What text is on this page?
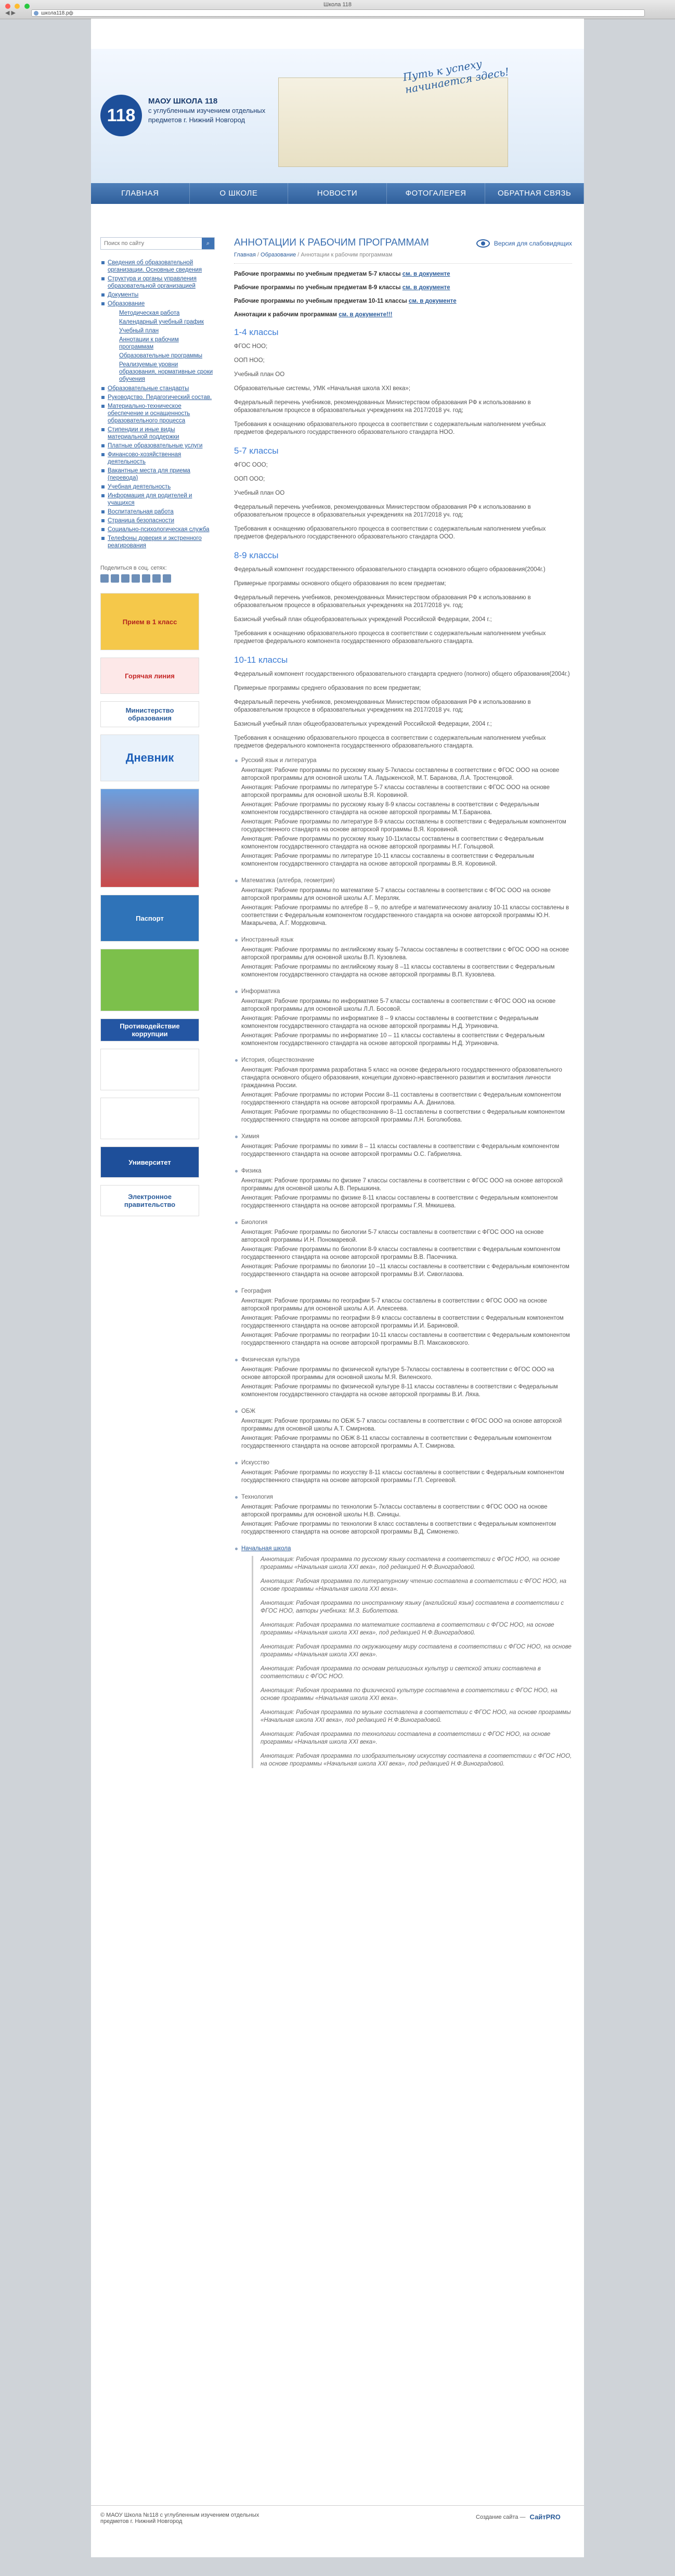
Школа 118
◀ ▶	школа118.рф
Путь к успеху начинается здесь!
118
МАОУ ШКОЛА 118
с углубленным изучением отдельных предметов г. Нижний Новгород
ГЛАВНАЯ	О ШКОЛЕ	НОВОСТИ	ФОТОГАЛЕРЕЯ	ОБРАТНАЯ СВЯЗЬ
Поиск по сайту
⌕
Сведения об образовательной организации. Основные сведения
Структура и органы управления образовательной организацией
Документы
Образование
Методическая работа
Календарный учебный график
Учебный план
Аннотации к рабочим программам
Образовательные программы
Реализуемые уровни образования, нормативные сроки обучения
Образовательные стандарты
Руководство. Педагогический состав.
Материально-техническое обеспечение и оснащенность образовательного процесса
Стипендии и иные виды материальной поддержки
Платные образовательные услуги
Финансово-хозяйственная деятельность
Вакантные места для приема (перевода)
Учебная деятельность
Информация для родителей и учащихся
Воспитательная работа
Страница безопасности
Социально-психологическая служба
Телефоны доверия и экстренного реагирования
Поделиться в соц. сетях:
Прием в 1 класс
Горячая линия
Министерство образования
Дневник
Паспорт
Противодействие коррупции
Университет
Электронное правительство
АННОТАЦИИ К РАБОЧИМ ПРОГРАММАМ	Версия для слабовидящих
Главная / Образование / Аннотации к рабочим программам
Рабочие программы по учебным предметам 5-7 классы см. в документе
Рабочие программы по учебным предметам 8-9 классы см. в документе
Рабочие программы по учебным предметам 10-11 классы см. в документе
Аннотации к рабочим программам см. в документе!!!
1-4 классы

ФГОС НОО;

ООП НОО;

Учебный план ОО

Образовательные системы, УМК «Начальная школа XXI века»;

Федеральный перечень учебников, рекомендованных Министерством образования РФ к использованию в образовательном процессе в образовательных учреждениях на 2017/2018 уч. год;

Требования к оснащению образовательного процесса в соответствии с содержательным наполнением учебных предметов федерального государственного образовательного стандарта НОО.

5-7 классы

ФГОС ООО;

ООП ООО;

Учебный план ОО

Федеральный перечень учебников, рекомендованных Министерством образования РФ к использованию в образовательном процессе в образовательных учреждениях на 2017/2018 уч. год;

Требования к оснащению образовательного процесса в соответствии с содержательным наполнением учебных предметов федерального государственного образовательного стандарта ООО.

8-9 классы

Федеральный компонент государственного образовательного стандарта основного общего образования(2004г.)

Примерные программы основного общего образования по всем предметам;

Федеральный перечень учебников, рекомендованных Министерством образования РФ к использованию в образовательном процессе в образовательных учреждениях на 2017/2018 уч. год;

Базисный учебный план общеобразовательных учреждений Российской Федерации, 2004 г.;

Требования к оснащению образовательного процесса в соответствии с содержательным наполнением учебных предметов федерального компонента государственного образовательного стандарта.

10-11 классы

Федеральный компонент государственного образовательного стандарта среднего (полного) общего образования(2004г.)

Примерные программы среднего образования по всем предметам;

Федеральный перечень учебников, рекомендованных Министерством образования РФ к использованию в образовательном процессе в образовательных учреждениях на 2017/2018 уч. год;

Базисный учебный план общеобразовательных учреждений Российской Федерации, 2004 г.;

Требования к оснащению образовательного процесса в соответствии с содержательным наполнением учебных предметов федерального компонента государственного образовательного стандарта.

Русский язык и литература

Аннотация: Рабочие программы по русскому языку 5-7классы составлены в соответствии с ФГОС ООО на основе авторской программы для основной школы Т.А. Ладыженской, М.Т. Баранова, Л.А. Тростенцовой.

Аннотация: Рабочие программы по литературе 5-7 классы составлены в соответствии с ФГОС ООО на основе авторской программы для основной школы В.Я. Коровиной.

Аннотация: Рабочие программы по русскому языку 8-9 классы составлены в соответствии с Федеральным компонентом государственного стандарта на основе авторской программы М.Т.Баранова.

Аннотация: Рабочие программы по литературе 8-9 классы составлены в соответствии с Федеральным компонентом государственного стандарта на основе авторской программы В.Я. Коровиной.

Аннотация: Рабочие программы по русскому языку 10-11классы составлены в соответствии с Федеральным компонентом государственного стандарта на основе авторской программы Н.Г. Гольцовой.

Аннотация: Рабочие программы по литературе 10-11 классы составлены в соответствии с Федеральным компонентом государственного стандарта на основе авторской программы В.Я. Коровиной.

Математика (алгебра, геометрия)

Аннотация: Рабочие программы по математике 5-7 классы составлены в соответствии с ФГОС ООО на основе авторской программы для основной школы А.Г. Мерзляк.

Аннотация: Рабочие программы по алгебре 8 – 9, по алгебре и математическому анализу 10-11 классы составлены в соответствии с Федеральным компонентом государственного стандарта на основе авторской программы Ю.Н. Макарычева, А.Г. Мордковича.

Иностранный язык

Аннотация: Рабочие программы по английскому языку 5-7классы составлены в соответствии с ФГОС ООО на основе авторской программы для основной школы В.П. Кузовлева.

Аннотация: Рабочие программы по английскому языку 8 –11 классы составлены в соответствии с Федеральным компонентом государственного стандарта на основе авторской программы В.П. Кузовлева.

Информатика

Аннотация: Рабочие программы по информатике 5-7 классы составлены в соответствии с ФГОС ООО на основе авторской программы для основной школы Л.Л. Босовой.

Аннотация: Рабочие программы по информатике 8 – 9 классы составлены в соответствии с Федеральным компонентом государственного стандарта на основе авторской программы Н.Д. Угриновича.

Аннотация: Рабочие программы по информатике 10 – 11 классы составлены в соответствии с Федеральным компонентом государственного стандарта на основе авторской программы Н.Д. Угриновича.

История, обществознание

Аннотация: Рабочая программа разработана 5 класс на основе федерального государственного образовательного стандарта основного общего образования, концепции духовно-нравственного развития и воспитания личности гражданина России.

Аннотация: Рабочие программы по истории России 8–11 составлены в соответствии с Федеральным компонентом государственного стандарта на основе авторской программы А.А. Данилова.

Аннотация: Рабочие программы по обществознанию 8–11 составлены в соответствии с Федеральным компонентом государственного стандарта на основе авторской программы Л.Н. Боголюбова.

Химия

Аннотация: Рабочие программы по химии 8 – 11 классы составлены в соответствии с Федеральным компонентом государственного стандарта на основе авторской программы О.С. Габриеляна.

Физика

Аннотация: Рабочие программы по физике 7 классы составлены в соответствии с ФГОС ООО на основе авторской программы для основной школы А.В. Перышкина.

Аннотация: Рабочие программы по физике 8-11 классы составлены в соответствии с Федеральным компонентом государственного стандарта на основе авторской программы Г.Я. Мякишева.

Биология

Аннотация: Рабочие программы по биологии 5-7 классы составлены в соответствии с ФГОС ООО на основе авторской программы И.Н. Пономаревой.

Аннотация: Рабочие программы по биологии 8-9 классы составлены в соответствии с Федеральным компонентом государственного стандарта на основе авторской программы В.В. Пасечника.

Аннотация: Рабочие программы по биологии 10 –11 классы составлены в соответствии с Федеральным компонентом государственного стандарта на основе авторской программы В.И. Сивоглазова.

География

Аннотация: Рабочие программы по географии 5-7 классы составлены в соответствии с ФГОС ООО на основе авторской программы для основной школы А.И. Алексеева.

Аннотация: Рабочие программы по географии 8-9 классы составлены в соответствии с Федеральным компонентом государственного стандарта на основе авторской программы И.И. Бариновой.

Аннотация: Рабочие программы по географии 10-11 классы составлены в соответствии с Федеральным компонентом государственного стандарта на основе авторской программы В.П. Максаковского.

Физическая культура

Аннотация: Рабочие программы по физической культуре 5-7классы составлены в соответствии с ФГОС ООО на основе авторской программы для основной школы М.Я. Виленского.

Аннотация: Рабочие программы по физической культуре 8-11 классы составлены в соответствии с Федеральным компонентом государственного стандарта на основе авторской программы В.И. Ляха.

ОБЖ

Аннотация: Рабочие программы по ОБЖ 5-7 классы составлены в соответствии с ФГОС ООО на основе авторской программы для основной школы А.Т. Смирнова.

Аннотация: Рабочие программы по ОБЖ 8-11 классы составлены в соответствии с Федеральным компонентом государственного стандарта на основе авторской программы А.Т. Смирнова.

Искусство

Аннотация: Рабочие программы по искусству 8-11 классы составлены в соответствии с Федеральным компонентом государственного стандарта на основе авторской программы Г.П. Сергеевой.

Технология

Аннотация: Рабочие программы по технологии 5-7классы составлены в соответствии с ФГОС ООО на основе авторской программы для основной школы Н.В. Синицы.

Аннотация: Рабочие программы по технологии 8 класс составлены в соответствии с Федеральным компонентом государственного стандарта на основе авторской программы В.Д. Симоненко.

Начальная школа

Аннотация: Рабочая программа по русскому языку составлена в соответствии с ФГОС НОО, на основе программы «Начальная школа XXI века», под редакцией Н.Ф.Виноградовой.

Аннотация: Рабочая программа по литературному чтению составлена в соответствии с ФГОС НОО, на основе программы «Начальная школа XXI века».

Аннотация: Рабочая программа по иностранному языку (английский язык) составлена в соответствии с ФГОС НОО, авторы учебника: М.З. Биболетова.

Аннотация: Рабочая программа по математике составлена в соответствии с ФГОС НОО, на основе программы «Начальная школа XXI века», под редакцией Н.Ф.Виноградовой.

Аннотация: Рабочая программа по окружающему миру составлена в соответствии с ФГОС НОО, на основе программы «Начальная школа XXI века».

Аннотация: Рабочая программа по основам религиозных культур и светской этики составлена в соответствии с ФГОС НОО.

Аннотация: Рабочая программа по физической культуре составлена в соответствии с ФГОС НОО, на основе программы «Начальная школа XXI века».

Аннотация: Рабочая программа по музыке составлена в соответствии с ФГОС НОО, на основе программы «Начальная школа XXI века», под редакцией Н.Ф.Виноградовой.

Аннотация: Рабочая программа по технологии составлена в соответствии с ФГОС НОО, на основе программы «Начальная школа XXI века».

Аннотация: Рабочая программа по изобразительному искусству составлена в соответствии с ФГОС НОО, на основе программы «Начальная школа XXI века», под редакцией Н.Ф.Виноградовой.

© МАОУ Школа №118 с углубленным изучением отдельных предметов г. Нижний Новгород
Создание сайта — СайтPRO
